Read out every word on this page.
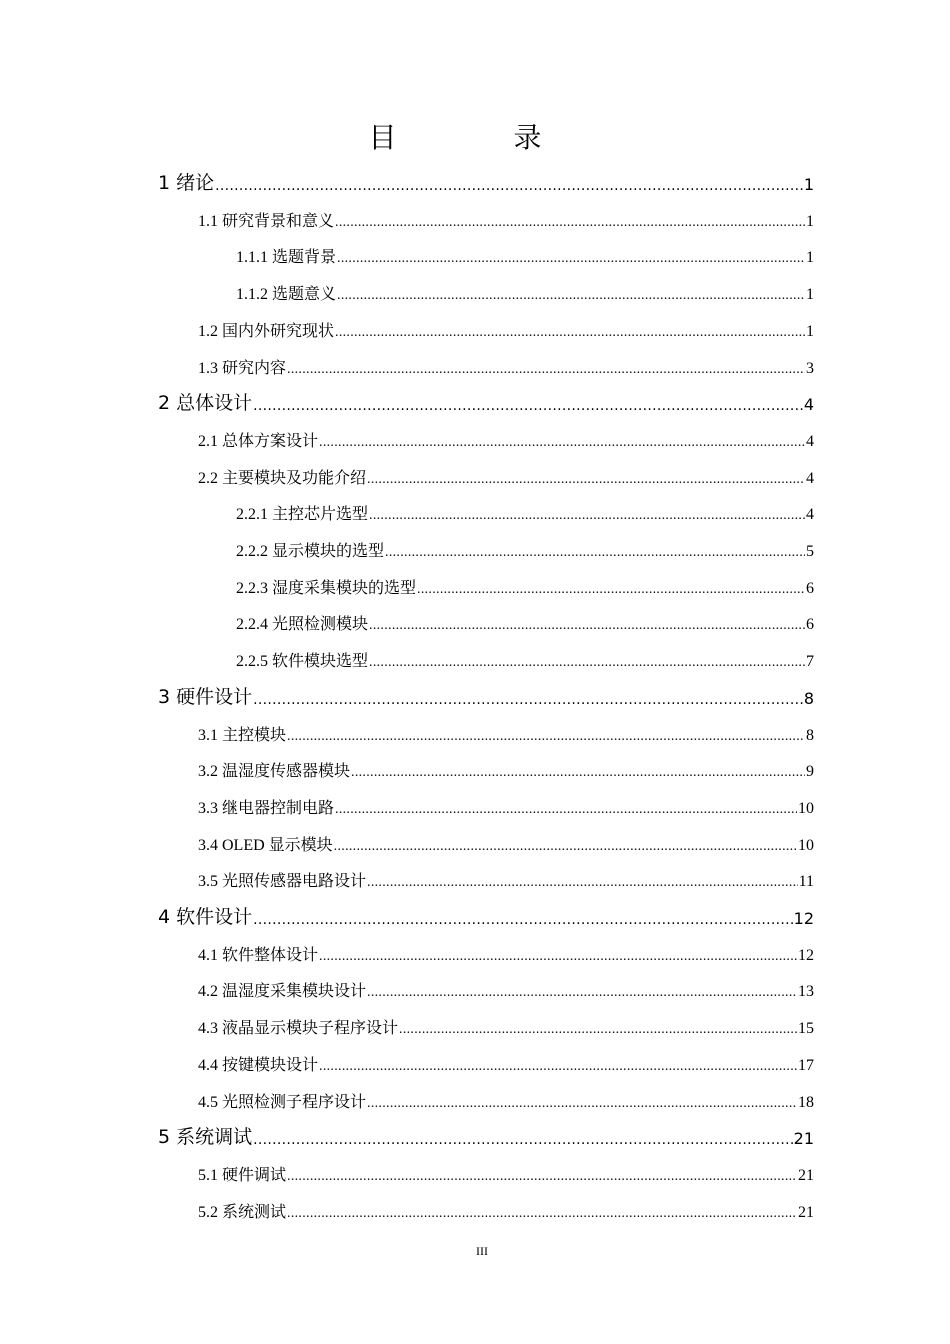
目 录
1 绪论 .....	1
1.1 研究背景和意义 .....	1
1.1.1 选题背景 .....	1
1.1.2 选题意义 .....	1
1.2 国内外研究现状 .....	1
1.3 研究内容 .....	3
2 总体设计 .....	4
2.1 总体方案设计 .....	4
2.2 主要模块及功能介绍 .....	4
2.2.1 主控芯片选型 .....	4
2.2.2 显示模块的选型 .....	5
2.2.3 湿度采集模块的选型 .....	6
2.2.4 光照检测模块 .....	6
2.2.5 软件模块选型 .....	7
3 硬件设计 .....	8
3.1 主控模块 .....	8
3.2 温湿度传感器模块 .....	9
3.3 继电器控制电路 .....	10
3.4 OLED 显示模块 .....	10
3.5 光照传感器电路设计 .....	11
4 软件设计 .....	12
4.1 软件整体设计 .....	12
4.2 温湿度采集模块设计 .....	13
4.3 液晶显示模块子程序设计 .....	15
4.4 按键模块设计 .....	17
4.5 光照检测子程序设计 .....	18
5 系统调试 .....	21
5.1 硬件调试 .....	21
5.2 系统测试 .....	21
III
